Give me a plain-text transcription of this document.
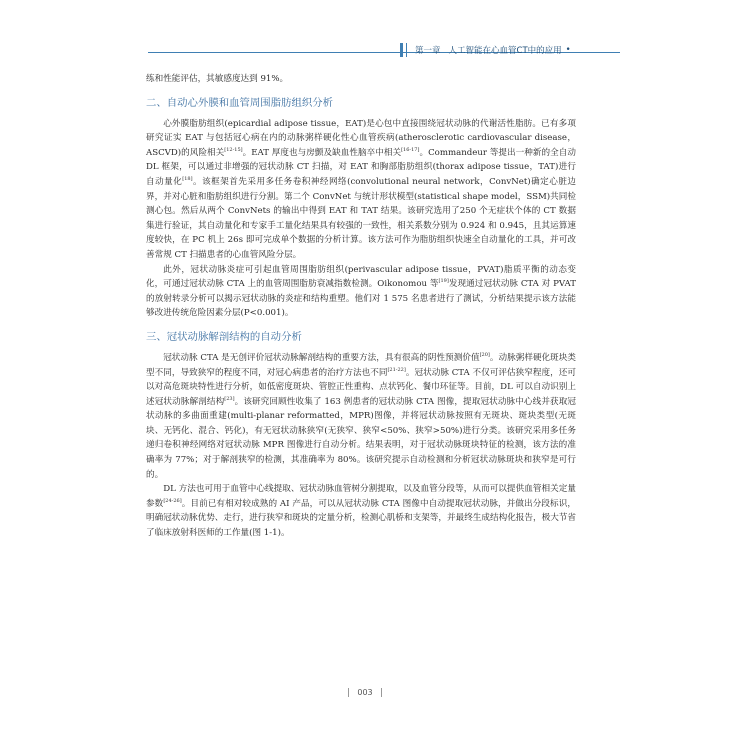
第一章 人工智能在心血管CT中的应用 •

练和性能评估，其敏感度达到 91%。

二、自动心外膜和血管周围脂肪组织分析

心外膜脂肪组织(epicardial adipose tissue，EAT)是心包中直接围绕冠状动脉的代谢活性脂肪。已有多项研究证实 EAT 与包括冠心病在内的动脉粥样硬化性心血管疾病(atherosclerotic cardiovascular disease，ASCVD)的风险相关[12-15]。EAT 厚度也与房颤及缺血性脑卒中相关[16-17]。Commandeur 等提出一种新的全自动 DL 框架，可以通过非增强的冠状动脉 CT 扫描，对 EAT 和胸部脂肪组织(thorax adipose tissue，TAT)进行自动量化[18]。该框架首先采用多任务卷积神经网络(convolutional neural network，ConvNet)确定心脏边界，并对心脏和脂肪组织进行分割。第二个 ConvNet 与统计形状模型(statistical shape model，SSM)共同检测心包。然后从两个 ConvNets 的输出中得到 EAT 和 TAT 结果。该研究选用了250 个无症状个体的 CT 数据集进行验证，其自动量化和专家手工量化结果具有较强的一致性，相关系数分别为 0.924 和 0.945，且其运算速度较快，在 PC 机上 26s 即可完成单个数据的分析计算。该方法可作为脂肪组织快速全自动量化的工具，并可改善常规 CT 扫描患者的心血管风险分层。

此外，冠状动脉炎症可引起血管周围脂肪组织(perivascular adipose tissue，PVAT)脂质平衡的动态变化，可通过冠状动脉 CTA 上的血管周围脂肪衰减指数检测。Oikonomou 等[19]发现通过冠状动脉 CTA 对 PVAT 的放射转录分析可以揭示冠状动脉的炎症和结构重塑。他们对 1 575 名患者进行了测试，分析结果提示该方法能够改进传统危险因素分层(P<0.001)。

三、冠状动脉解剖结构的自动分析

冠状动脉 CTA 是无创评价冠状动脉解剖结构的重要方法，具有很高的阴性预测价值[20]。动脉粥样硬化斑块类型不同，导致狭窄的程度不同，对冠心病患者的治疗方法也不同[21-22]。冠状动脉 CTA 不仅可评估狭窄程度，还可以对高危斑块特性进行分析，如低密度斑块、管腔正性重构、点状钙化、餐巾环征等。目前，DL 可以自动识别上述冠状动脉解剖结构[23]。该研究回顾性收集了 163 例患者的冠状动脉 CTA 图像，提取冠状动脉中心线并获取冠状动脉的多曲面重建(multi-planar reformatted，MPR)图像，并将冠状动脉按照有无斑块、斑块类型(无斑块、无钙化、混合、钙化)，有无冠状动脉狭窄(无狭窄、狭窄<50%、狭窄>50%)进行分类。该研究采用多任务递归卷积神经网络对冠状动脉 MPR 图像进行自动分析。结果表明，对于冠状动脉斑块特征的检测，该方法的准确率为 77%；对于解剖狭窄的检测，其准确率为 80%。该研究提示自动检测和分析冠状动脉斑块和狭窄是可行的。

DL 方法也可用于血管中心线提取、冠状动脉血管树分割提取，以及血管分段等，从而可以提供血管相关定量参数[24-26]。目前已有相对较成熟的 AI 产品，可以从冠状动脉 CTA 图像中自动提取冠状动脉，并做出分段标识，明确冠状动脉优势、走行，进行狭窄和斑块的定量分析，检测心肌桥和支架等，并最终生成结构化报告，极大节省了临床放射科医师的工作量(图 1-1)。

003
